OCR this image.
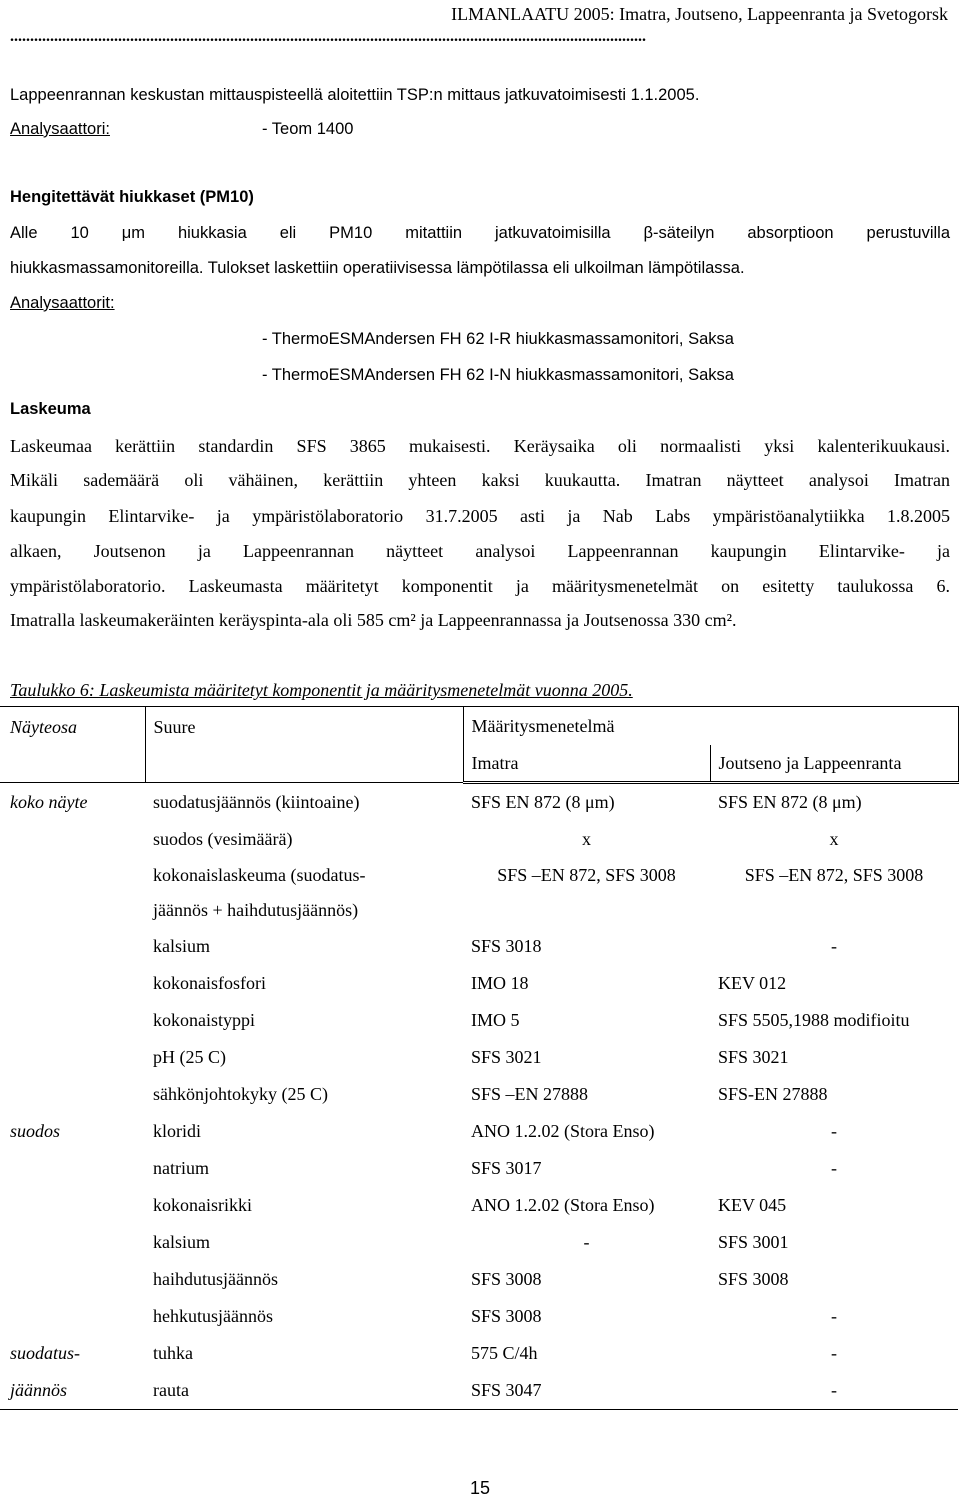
ILMANLAATU 2005: Imatra, Joutseno, Lappeenranta ja Svetogorsk
...............................................................................................................................................................
Lappeenrannan keskustan mittauspisteellä aloitettiin TSP:n mittaus jatkuvatoimisesti 1.1.2005.
Analysaattori:	- Teom 1400
Hengitettävät hiukkaset (PM10)
Alle 10 μm hiukkasia eli PM10 mitattiin jatkuvatoimisilla β-säteilyn absorptioon perustuvilla
hiukkasmassamonitoreilla. Tulokset laskettiin operatiivisessa lämpötilassa eli ulkoilman lämpötilassa.
Analysaattorit:
- ThermoESMAndersen FH 62 I-R hiukkasmassamonitori, Saksa
- ThermoESMAndersen FH 62 I-N hiukkasmassamonitori, Saksa
Laskeuma
Laskeumaa kerättiin standardin SFS 3865 mukaisesti. Keräysaika oli normaalisti yksi kalenterikuukausi.
Mikäli sademäärä oli vähäinen, kerättiin yhteen kaksi kuukautta. Imatran näytteet analysoi Imatran
kaupungin Elintarvike- ja ympäristölaboratorio 31.7.2005 asti ja Nab Labs ympäristöanalytiikka 1.8.2005
alkaen, Joutsenon ja Lappeenrannan näytteet analysoi Lappeenrannan kaupungin Elintarvike- ja
ympäristölaboratorio. Laskeumasta määritetyt komponentit ja määritysmenetelmät on esitetty taulukossa 6.
Imatralla laskeumakeräinten keräyspinta-ala oli 585 cm² ja Lappeenrannassa ja Joutsenossa 330 cm².
Taulukko 6: Laskeumista määritetyt komponentit ja määritysmenetelmät vuonna 2005.
Näyteosa	Suure	Määritysmenetelmä	
		Imatra	Joutseno ja Lappeenranta
koko näyte	suodatusjäännös (kiintoaine)	SFS EN 872 (8 μm)	SFS EN 872 (8 μm)
	suodos (vesimäärä)	x	x
	kokonaislaskeuma (suodatus-	SFS –EN 872, SFS 3008	SFS –EN 872, SFS 3008
	jäännös + haihdutusjäännös)		
	kalsium	SFS 3018	-
	kokonaisfosfori	IMO 18	KEV 012
	kokonaistyppi	IMO 5	SFS 5505,1988 modifioitu
	pH (25 C)	SFS 3021	SFS 3021
	sähkönjohtokyky (25 C)	SFS –EN 27888	SFS-EN 27888
suodos	kloridi	ANO 1.2.02 (Stora Enso)	-
	natrium	SFS 3017	-
	kokonaisrikki	ANO 1.2.02 (Stora Enso)	KEV 045
	kalsium	-	SFS 3001
	haihdutusjäännös	SFS 3008	SFS 3008
	hehkutusjäännös	SFS 3008	-
suodatus-	tuhka	575 C/4h	-
jäännös	rauta	SFS 3047	-
15
